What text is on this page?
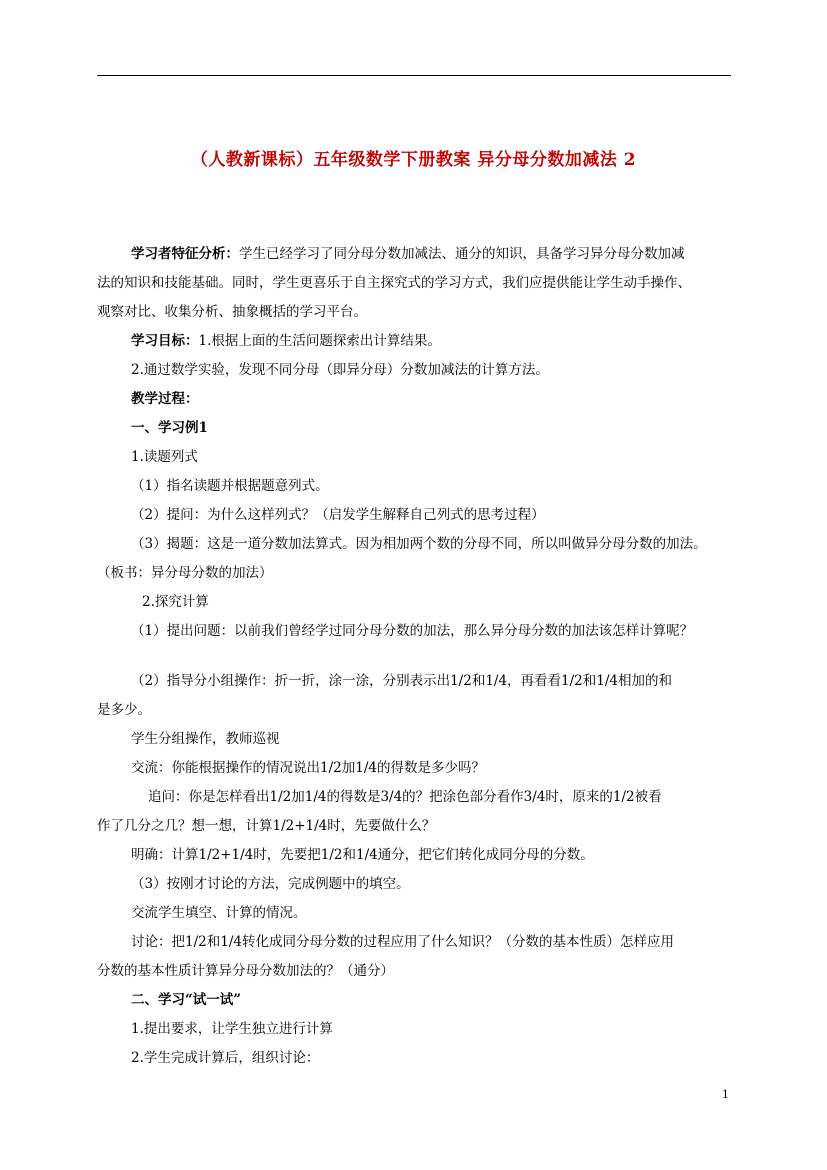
（人教新课标）五年级数学下册教案 异分母分数加减法 2
学习者特征分析：学生已经学习了同分母分数加减法、通分的知识，具备学习异分母分数加减
法的知识和技能基础。同时，学生更喜乐于自主探究式的学习方式，我们应提供能让学生动手操作、
观察对比、收集分析、抽象概括的学习平台。
学习目标：1.根据上面的生活问题探索出计算结果。
2.通过数学实验，发现不同分母（即异分母）分数加减法的计算方法。
教学过程：
一、学习例1
1.读题列式
（1）指名读题并根据题意列式。
（2）提问：为什么这样列式？（启发学生解释自己列式的思考过程）
（3）揭题：这是一道分数加法算式。因为相加两个数的分母不同，所以叫做异分母分数的加法。
（板书：异分母分数的加法）
2.探究计算
（1）提出问题：以前我们曾经学过同分母分数的加法，那么异分母分数的加法该怎样计算呢？
（2）指导分小组操作：折一折，涂一涂，分别表示出1/2和1/4，再看看1/2和1/4相加的和
是多少。
学生分组操作，教师巡视
交流：你能根据操作的情况说出1/2加1/4的得数是多少吗？
追问：你是怎样看出1/2加1/4的得数是3/4的？把涂色部分看作3/4时，原来的1/2被看
作了几分之几？想一想，计算1/2+1/4时，先要做什么？
明确：计算1/2+1/4时，先要把1/2和1/4通分，把它们转化成同分母的分数。
（3）按刚才讨论的方法，完成例题中的填空。
交流学生填空、计算的情况。
讨论：把1/2和1/4转化成同分母分数的过程应用了什么知识？（分数的基本性质）怎样应用
分数的基本性质计算异分母分数加法的？（通分）
二、学习“试一试”
1.提出要求，让学生独立进行计算
2.学生完成计算后，组织讨论：
1
